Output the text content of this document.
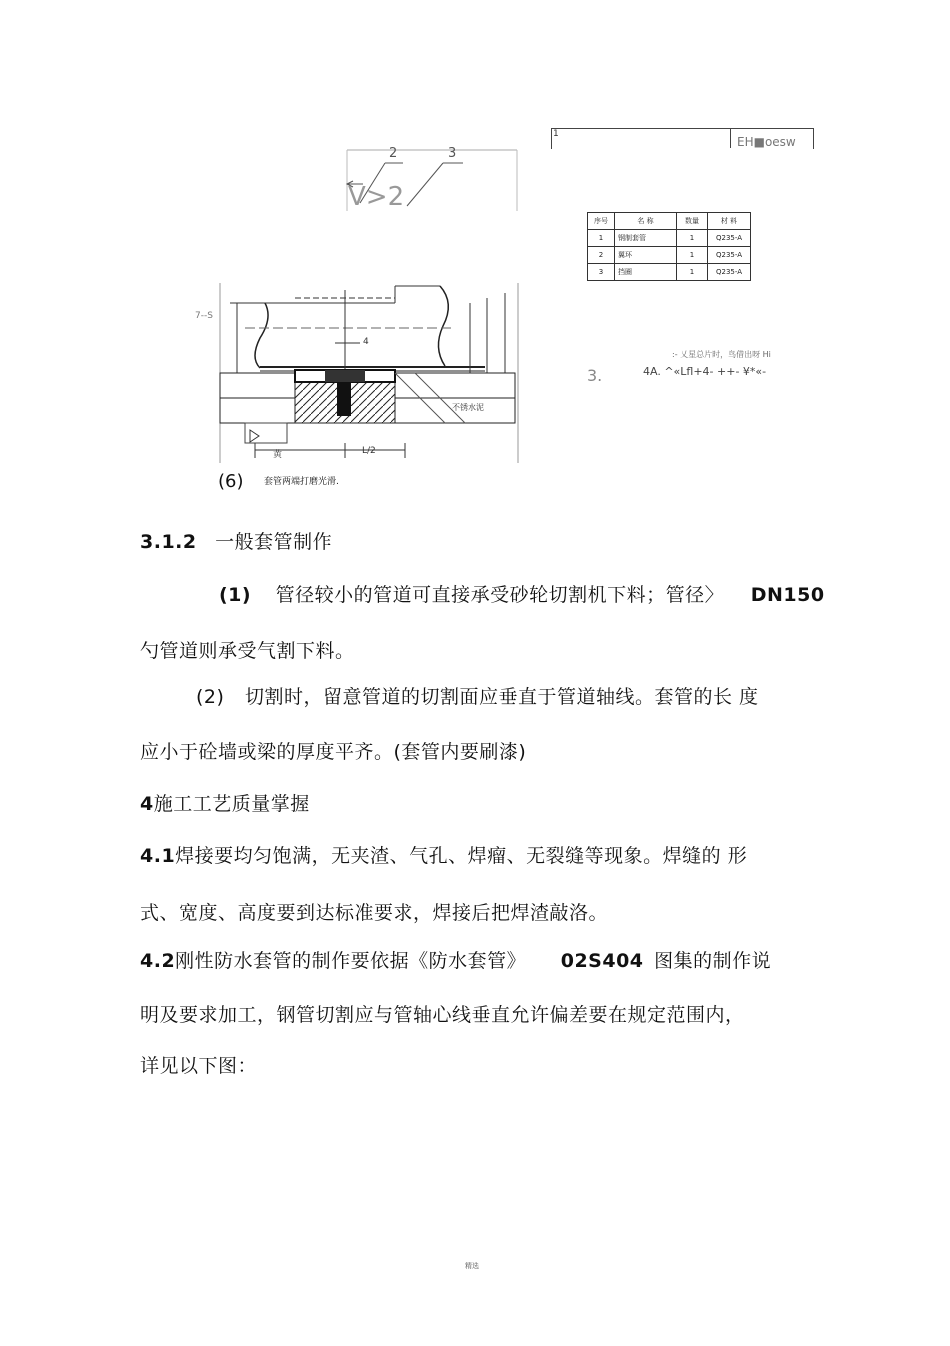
1
EH■oesw
2	3
V>2
7--S
4
不锈水泥
L/2
黄
(6) 套管两端打磨光滑.
序号	名 称	数量	材 料
1	钢制套管	1	Q235-A
2	翼环	1	Q235-A
3	挡圈	1	Q235-A
:- 乂星总片时，鸟借出呀 Hi
3.	4A. ^«Lfl+4- ++- ¥*«-
3.1.2 一般套管制作
(1) 管径较小的管道可直接承受砂轮切割机下料；管径〉 DN150
勺管道则承受气割下料。
(2) 切割时，留意管道的切割面应垂直于管道轴线。套管的长 度
应小于砼墙或梁的厚度平齐。(套管内要刷漆)
4施工工艺质量掌握
4.1焊接要均匀饱满，无夹渣、气孔、焊瘤、无裂缝等现象。焊缝的 形
式、宽度、高度要到达标准要求，焊接后把焊渣敲洛。
4.2刚性防水套管的制作要依据《防水套管》 02S404 图集的制作说
明及要求加工，钢管切割应与管轴心线垂直允许偏差要在规定范围内，
详见以下图：
精选
